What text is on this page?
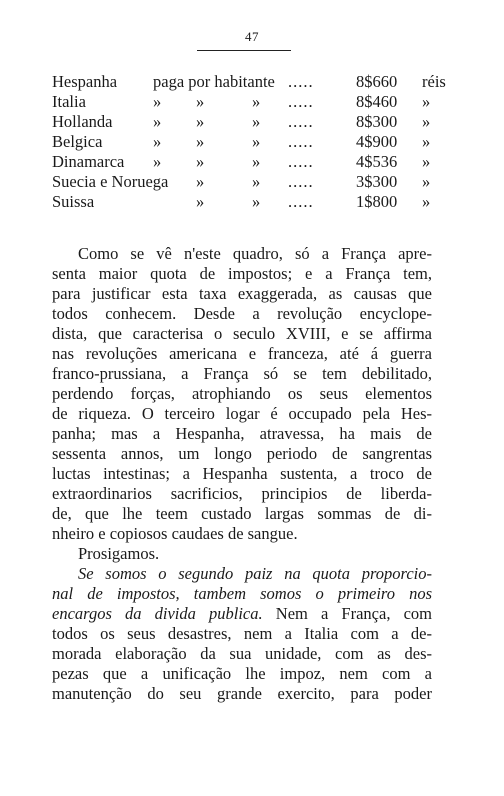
47
Hespanha paga por habitante .....	8$660 réis
Italia	» »	» .....	8$460 »
Hollanda » »	» .....	8$300 »
Belgica	» »	» .....	4$900 »
Dinamarca » »	» .....	4$536 »
Suecia e Noruega »	» .....	3$300 »
Suissa	»	» .....	1$800 »
Como se vê n'este quadro, só a França apre-
senta maior quota de impostos; e a França tem,
para justificar esta taxa exaggerada, as causas que
todos conhecem. Desde a revolução encyclope-
dista, que caracterisa o seculo XVIII, e se affirma
nas revoluções americana e franceza, até á guerra
franco-prussiana, a França só se tem debilitado,
perdendo forças, atrophiando os seus elementos
de riqueza. O terceiro logar é occupado pela Hes-
panha; mas a Hespanha, atravessa, ha mais de
sessenta annos, um longo periodo de sangrentas
luctas intestinas; a Hespanha sustenta, a troco de
extraordinarios sacrificios, principios de liberda-
de, que lhe teem custado largas sommas de di-
nheiro e copiosos caudaes de sangue.
Prosigamos.
Se somos o segundo paiz na quota proporcio-
nal de impostos, tambem somos o primeiro nos
encargos da divida publica. Nem a França, com
todos os seus desastres, nem a Italia com a de-
morada elaboração da sua unidade, com as des-
pezas que a unificação lhe impoz, nem com a
manutenção do seu grande exercito, para poder
